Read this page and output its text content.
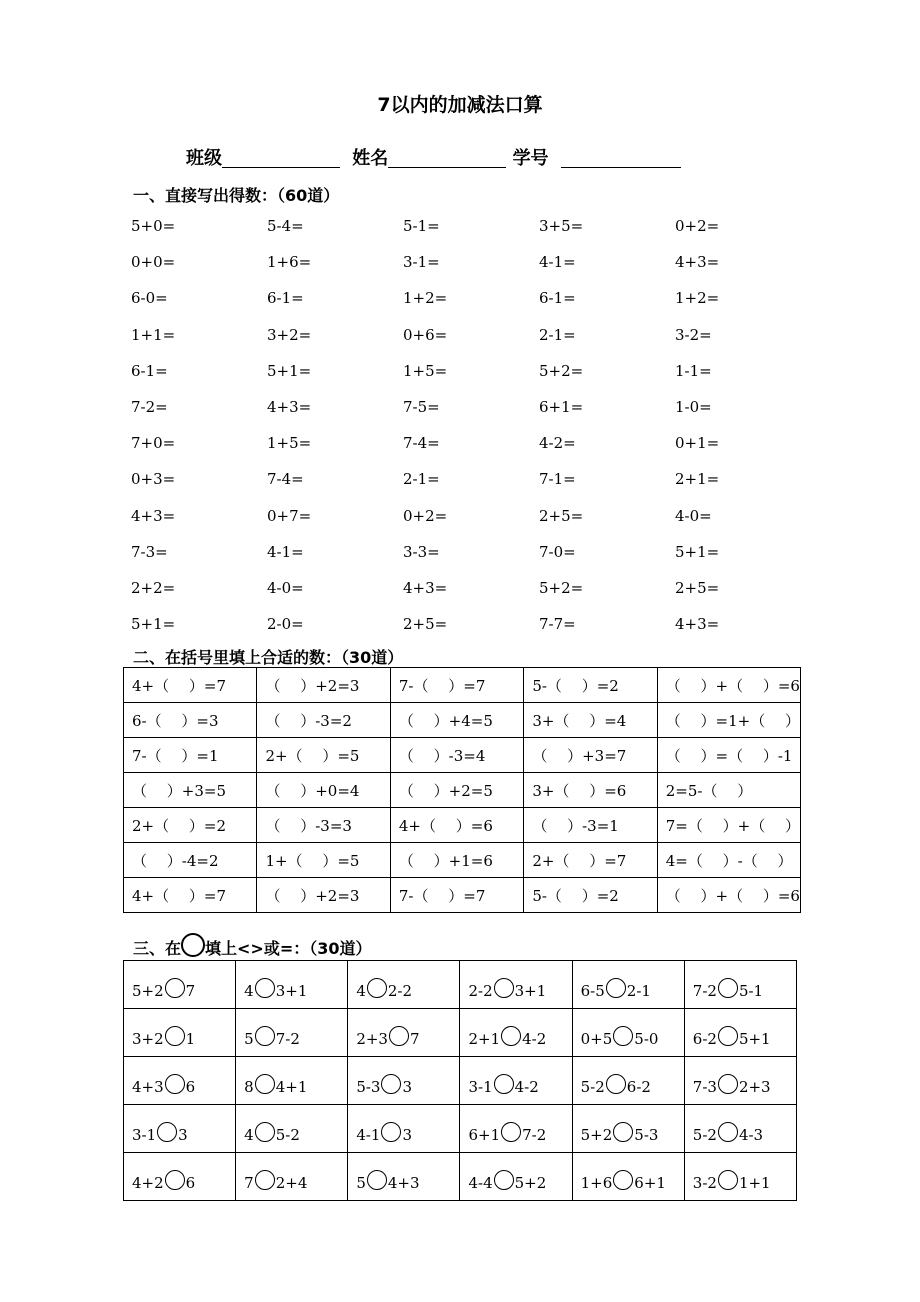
7以内的加减法口算
班级	姓名	学号
一、直接写出得数：（60道）
5+0=	5-4=	5-1=	3+5=	0+2=
0+0=	1+6=	3-1=	4-1=	4+3=
6-0=	6-1=	1+2=	6-1=	1+2=
1+1=	3+2=	0+6=	2-1=	3-2=
6-1=	5+1=	1+5=	5+2=	1-1=
7-2=	4+3=	7-5=	6+1=	1-0=
7+0=	1+5=	7-4=	4-2=	0+1=
0+3=	7-4=	2-1=	7-1=	2+1=
4+3=	0+7=	0+2=	2+5=	4-0=
7-3=	4-1=	3-3=	7-0=	5+1=
2+2=	4-0=	4+3=	5+2=	2+5=
5+1=	2-0=	2+5=	7-7=	4+3=
二、在括号里填上合适的数：（30道）
4+（　 ）=7	（　 ）+2=3	7-（　 ）=7	5-（　 ）=2	（　 ）+（　 ）=6
6-（　 ）=3	（　 ）-3=2	（　 ）+4=5	3+（　 ）=4	（　 ）=1+（　 ）
7-（　 ）=1	2+（　 ）=5	（　 ）-3=4	（　 ）+3=7	（　 ）=（　 ）-1
（　 ）+3=5	（　 ）+0=4	（　 ）+2=5	3+（　 ）=6	2=5-（　 ）
2+（　 ）=2	（　 ）-3=3	4+（　 ）=6	（　 ）-3=1	7=（　 ）+（　 ）
（　 ）-4=2	1+（　 ）=5	（　 ）+1=6	2+（　 ）=7	4=（　 ）-（　 ）
4+（　 ）=7	（　 ）+2=3	7-（　 ）=7	5-（　 ）=2	（　 ）+（　 ）=6
三、在 填上<>或=：（30道）
5+2 7	4 3+1	4 2-2	2-2 3+1	6-5 2-1	7-2 5-1
3+2 1	5 7-2	2+3 7	2+1 4-2	0+5 5-0	6-2 5+1
4+3 6	8 4+1	5-3 3	3-1 4-2	5-2 6-2	7-3 2+3
3-1 3	4 5-2	4-1 3	6+1 7-2	5+2 5-3	5-2 4-3
4+2 6	7 2+4	5 4+3	4-4 5+2	1+6 6+1	3-2 1+1
